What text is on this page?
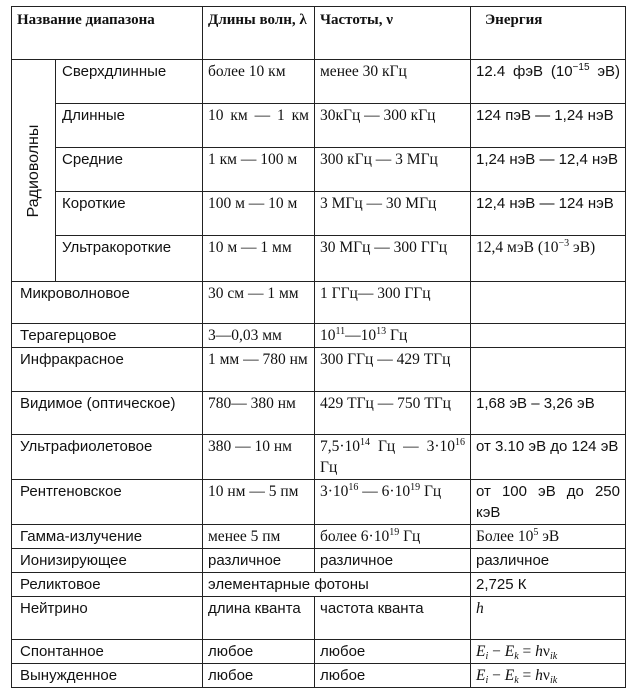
Название диапазона		Длины волн, λ	Частоты, ν	Энергия

Радиоволны	Сверхдлинные	более 10 км	менее 30 кГц	12.4 фэВ ($10^{-15}$ эВ)
	Длинные	10 км — 1 км	30кГц — 300 кГц	124 пэВ — 1,24 нэВ
	Средние	1 км — 100 м	300 кГц — 3 МГц	1,24 нэВ — 12,4 нэВ
	Короткие	100 м — 10 м	3 МГц — 30 МГц	12,4 нэВ — 124 нэВ
	Ультракороткие	10 м — 1 мм	30 МГц — 300 ГГц	12,4 мэВ ($10^{-3}$ эВ)
Микроволновое		30 см — 1 мм	1 ГГц— 300 ГГц	
Терагерцовое		3—0,03 мм	$10^{11}—10^{13}$ Гц	
Инфракрасное		1 мм — 780 нм	300 ГГц — 429 ТГц	
Видимое (оптическое)		780— 380 нм	429 ТГц — 750 ТГц	1,68 эВ – 3,26 эВ
Ультрафиолетовое		380 — 10 нм	$7,5\cdot 10^{14}$ Гц — $3\cdot 10^{16}$ Гц	от 3.10 эВ до 124 эВ
Рентгеновское		10 нм — 5 пм	$3\cdot 10^{16}$ — $6\cdot 10^{19}$ Гц	от 100 эВ до 250 кэВ
Гамма-излучение		менее 5 пм	более $6\cdot 10^{19}$ Гц	Более $10^5$ эВ
Ионизирующее		различное	различное	различное
Реликтовое		элементарные фотоны		2,725 К
Нейтрино		длина кванта	частота кванта	h
Спонтанное		любое	любое	$E_i - E_k = h\nu_{ik}$
Вынужденное		любое	любое	$E_i - E_k = h\nu_{ik}$
